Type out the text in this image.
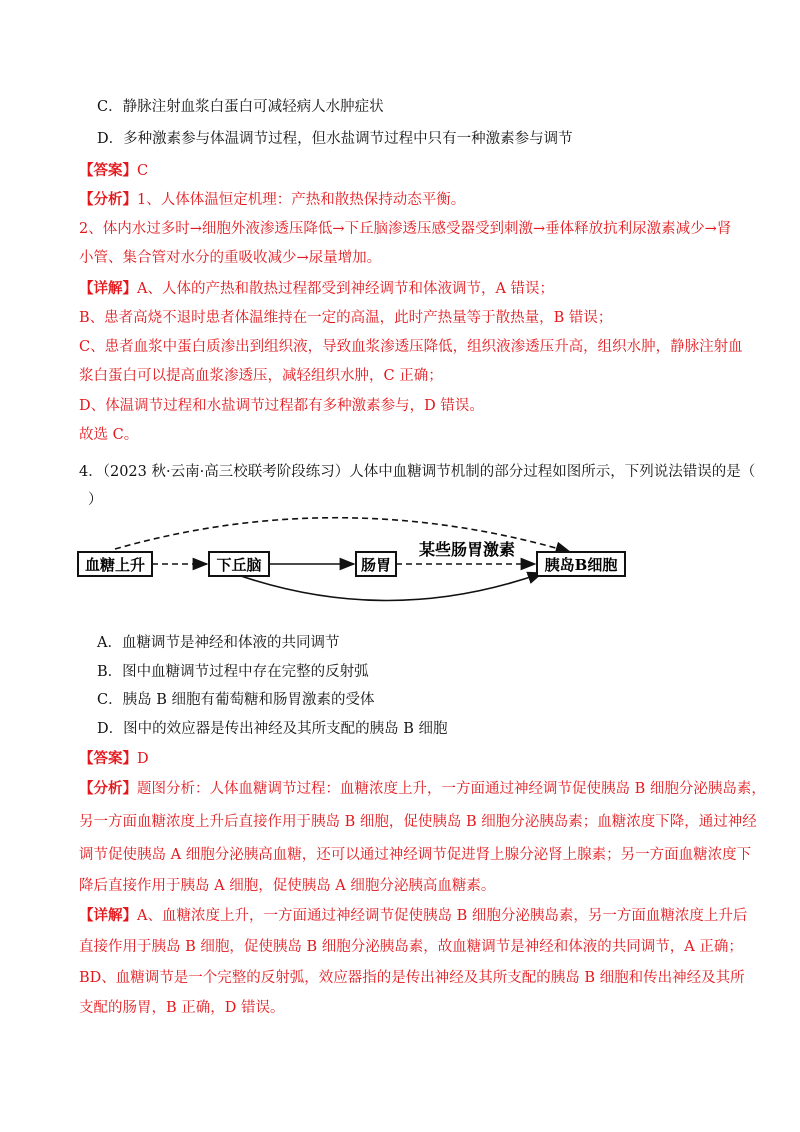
C．静脉注射血浆白蛋白可减轻病人水肿症状
D．多种激素参与体温调节过程，但水盐调节过程中只有一种激素参与调节
【答案】C
【分析】1、人体体温恒定机理：产热和散热保持动态平衡。
2、体内水过多时→细胞外液渗透压降低→下丘脑渗透压感受器受到刺激→垂体释放抗利尿激素减少→肾
小管、集合管对水分的重吸收减少→尿量增加。
【详解】A、人体的产热和散热过程都受到神经调节和体液调节，A 错误；
B、患者高烧不退时患者体温维持在一定的高温，此时产热量等于散热量，B 错误；
C、患者血浆中蛋白质渗出到组织液，导致血浆渗透压降低，组织液渗透压升高，组织水肿，静脉注射血
浆白蛋白可以提高血浆渗透压，减轻组织水肿，C 正确；
D、体温调节过程和水盐调节过程都有多种激素参与，D 错误。
故选 C。
4．（2023 秋·云南·高三校联考阶段练习）人体中血糖调节机制的部分过程如图所示，下列说法错误的是（
）
血糖上升	下丘脑	肠胃	胰岛B细胞
某些肠胃激素
A．血糖调节是神经和体液的共同调节
B．图中血糖调节过程中存在完整的反射弧
C．胰岛 B 细胞有葡萄糖和肠胃激素的受体
D．图中的效应器是传出神经及其所支配的胰岛 B 细胞
【答案】D
【分析】题图分析：人体血糖调节过程：血糖浓度上升，一方面通过神经调节促使胰岛 B 细胞分泌胰岛素，
另一方面血糖浓度上升后直接作用于胰岛 B 细胞，促使胰岛 B 细胞分泌胰岛素；血糖浓度下降，通过神经
调节促使胰岛 A 细胞分泌胰高血糖，还可以通过神经调节促进肾上腺分泌肾上腺素；另一方面血糖浓度下
降后直接作用于胰岛 A 细胞，促使胰岛 A 细胞分泌胰高血糖素。
【详解】A、血糖浓度上升，一方面通过神经调节促使胰岛 B 细胞分泌胰岛素，另一方面血糖浓度上升后
直接作用于胰岛 B 细胞，促使胰岛 B 细胞分泌胰岛素，故血糖调节是神经和体液的共同调节，A 正确；
BD、血糖调节是一个完整的反射弧，效应器指的是传出神经及其所支配的胰岛 B 细胞和传出神经及其所
支配的肠胃，B 正确，D 错误。
